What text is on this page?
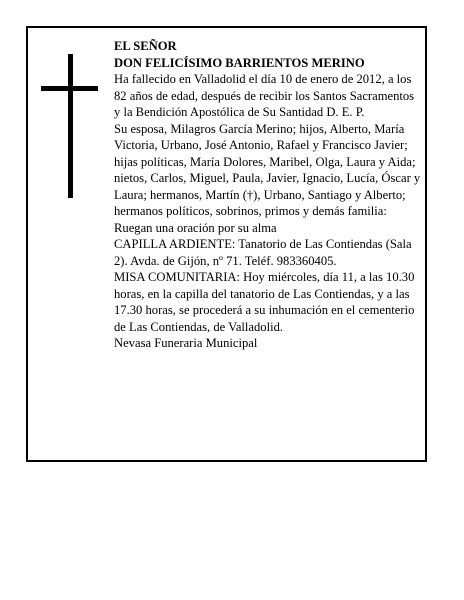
EL SEÑOR

DON FELICÍSIMO BARRIENTOS MERINO

Ha fallecido en Valladolid el día 10 de enero de 2012, a los 82 años de edad, después de recibir los Santos Sacramentos y la Bendición Apostólica de Su Santidad D. E. P.

Su esposa, Milagros García Merino; hijos, Alberto, María Victoria, Urbano, José Antonio, Rafael y Francisco Javier; hijas políticas, María Dolores, Maribel, Olga, Laura y Aida; nietos, Carlos, Miguel, Paula, Javier, Ignacio, Lucía, Óscar y Laura; hermanos, Martín (†), Urbano, Santiago y Alberto; hermanos políticos, sobrinos, primos y demás familia:

Ruegan una oración por su alma

CAPILLA ARDIENTE: Tanatorio de Las Contiendas (Sala 2). Avda. de Gijón, nº 71. Teléf. 983360405.

MISA COMUNITARIA: Hoy miércoles, día 11, a las 10.30 horas, en la capilla del tanatorio de Las Contiendas, y a las 17.30 horas, se procederá a su inhumación en el cementerio de Las Contiendas, de Valladolid.

Nevasa Funeraria Municipal
